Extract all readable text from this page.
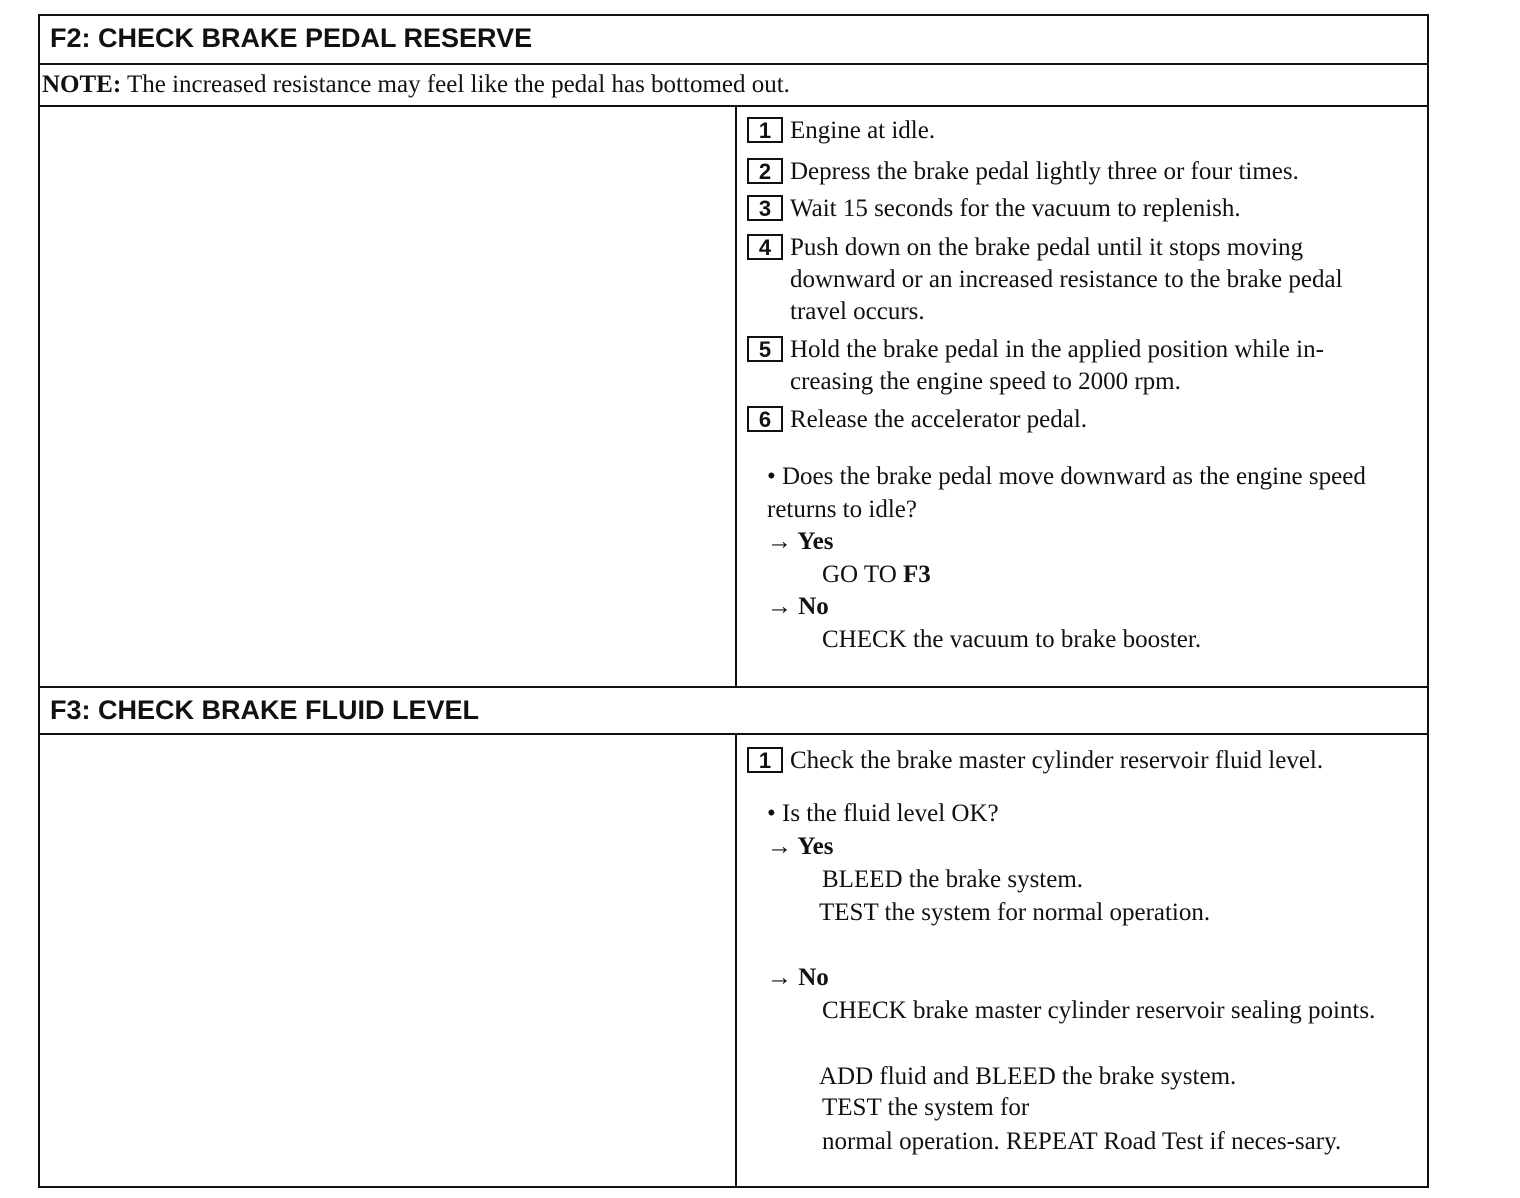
F2: CHECK BRAKE PEDAL RESERVE
NOTE: The increased resistance may feel like the pedal has bottomed out.
1 Engine at idle.
2 Depress the brake pedal lightly three or four times.
3 Wait 15 seconds for the vacuum to replenish.
4 Push down on the brake pedal until it stops moving downward or an increased resistance to the brake pedal travel occurs.
5 Hold the brake pedal in the applied position while in-creasing the engine speed to 2000 rpm.
6 Release the accelerator pedal.
• Does the brake pedal move downward as the engine speed returns to idle?
→ Yes
GO TO F3
→ No
CHECK the vacuum to brake booster.
F3: CHECK BRAKE FLUID LEVEL
1 Check the brake master cylinder reservoir fluid level.
• Is the fluid level OK?
→ Yes
BLEED the brake system.
TEST the system for normal operation.
→ No
CHECK brake master cylinder reservoir sealing points.
ADD fluid and BLEED the brake system.
TEST the system for
normal operation. REPEAT Road Test if neces-sary.
